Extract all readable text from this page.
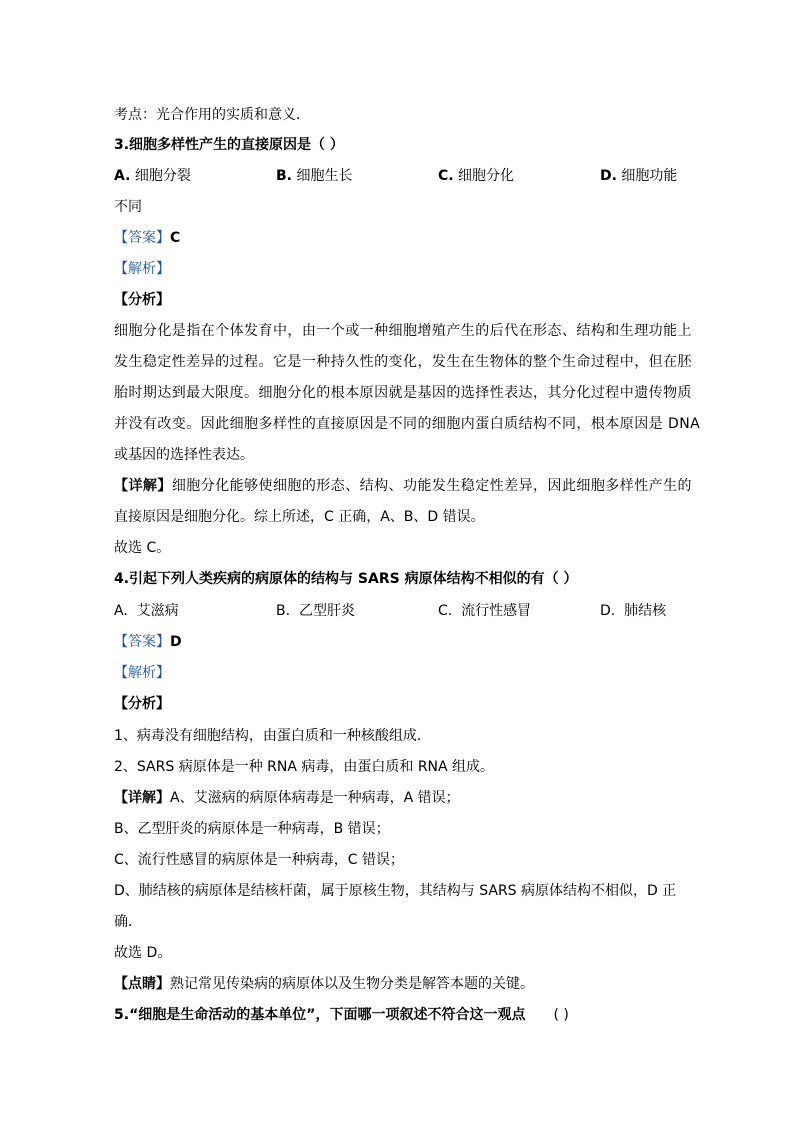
考点：光合作用的实质和意义．
3.细胞多样性产生的直接原因是（ ）
A. 细胞分裂	B. 细胞生长	C. 细胞分化	D. 细胞功能
不同
【答案】C
【解析】
【分析】
细胞分化是指在个体发育中，由一个或一种细胞增殖产生的后代在形态、结构和生理功能上
发生稳定性差异的过程。它是一种持久性的变化，发生在生物体的整个生命过程中，但在胚
胎时期达到最大限度。细胞分化的根本原因就是基因的选择性表达，其分化过程中遗传物质
并没有改变。因此细胞多样性的直接原因是不同的细胞内蛋白质结构不同，根本原因是 DNA
或基因的选择性表达。
【详解】细胞分化能够使细胞的形态、结构、功能发生稳定性差异，因此细胞多样性产生的
直接原因是细胞分化。综上所述，C 正确，A、B、D 错误。
故选 C。
4.引起下列人类疾病的病原体的结构与 SARS 病原体结构不相似的有（ ）
A. 艾滋病	B. 乙型肝炎	C. 流行性感冒	D. 肺结核
【答案】D
【解析】
【分析】
1、病毒没有细胞结构，由蛋白质和一种核酸组成．
2、SARS 病原体是一种 RNA 病毒，由蛋白质和 RNA 组成。
【详解】A、艾滋病的病原体病毒是一种病毒，A 错误；
B、乙型肝炎的病原体是一种病毒，B 错误；
C、流行性感冒的病原体是一种病毒，C 错误；
D、肺结核的病原体是结核杆菌，属于原核生物，其结构与 SARS 病原体结构不相似，D 正
确．
故选 D。
【点睛】熟记常见传染病的病原体以及生物分类是解答本题的关键。
5.“细胞是生命活动的基本单位”，下面哪一项叙述不符合这一观点 ( )
